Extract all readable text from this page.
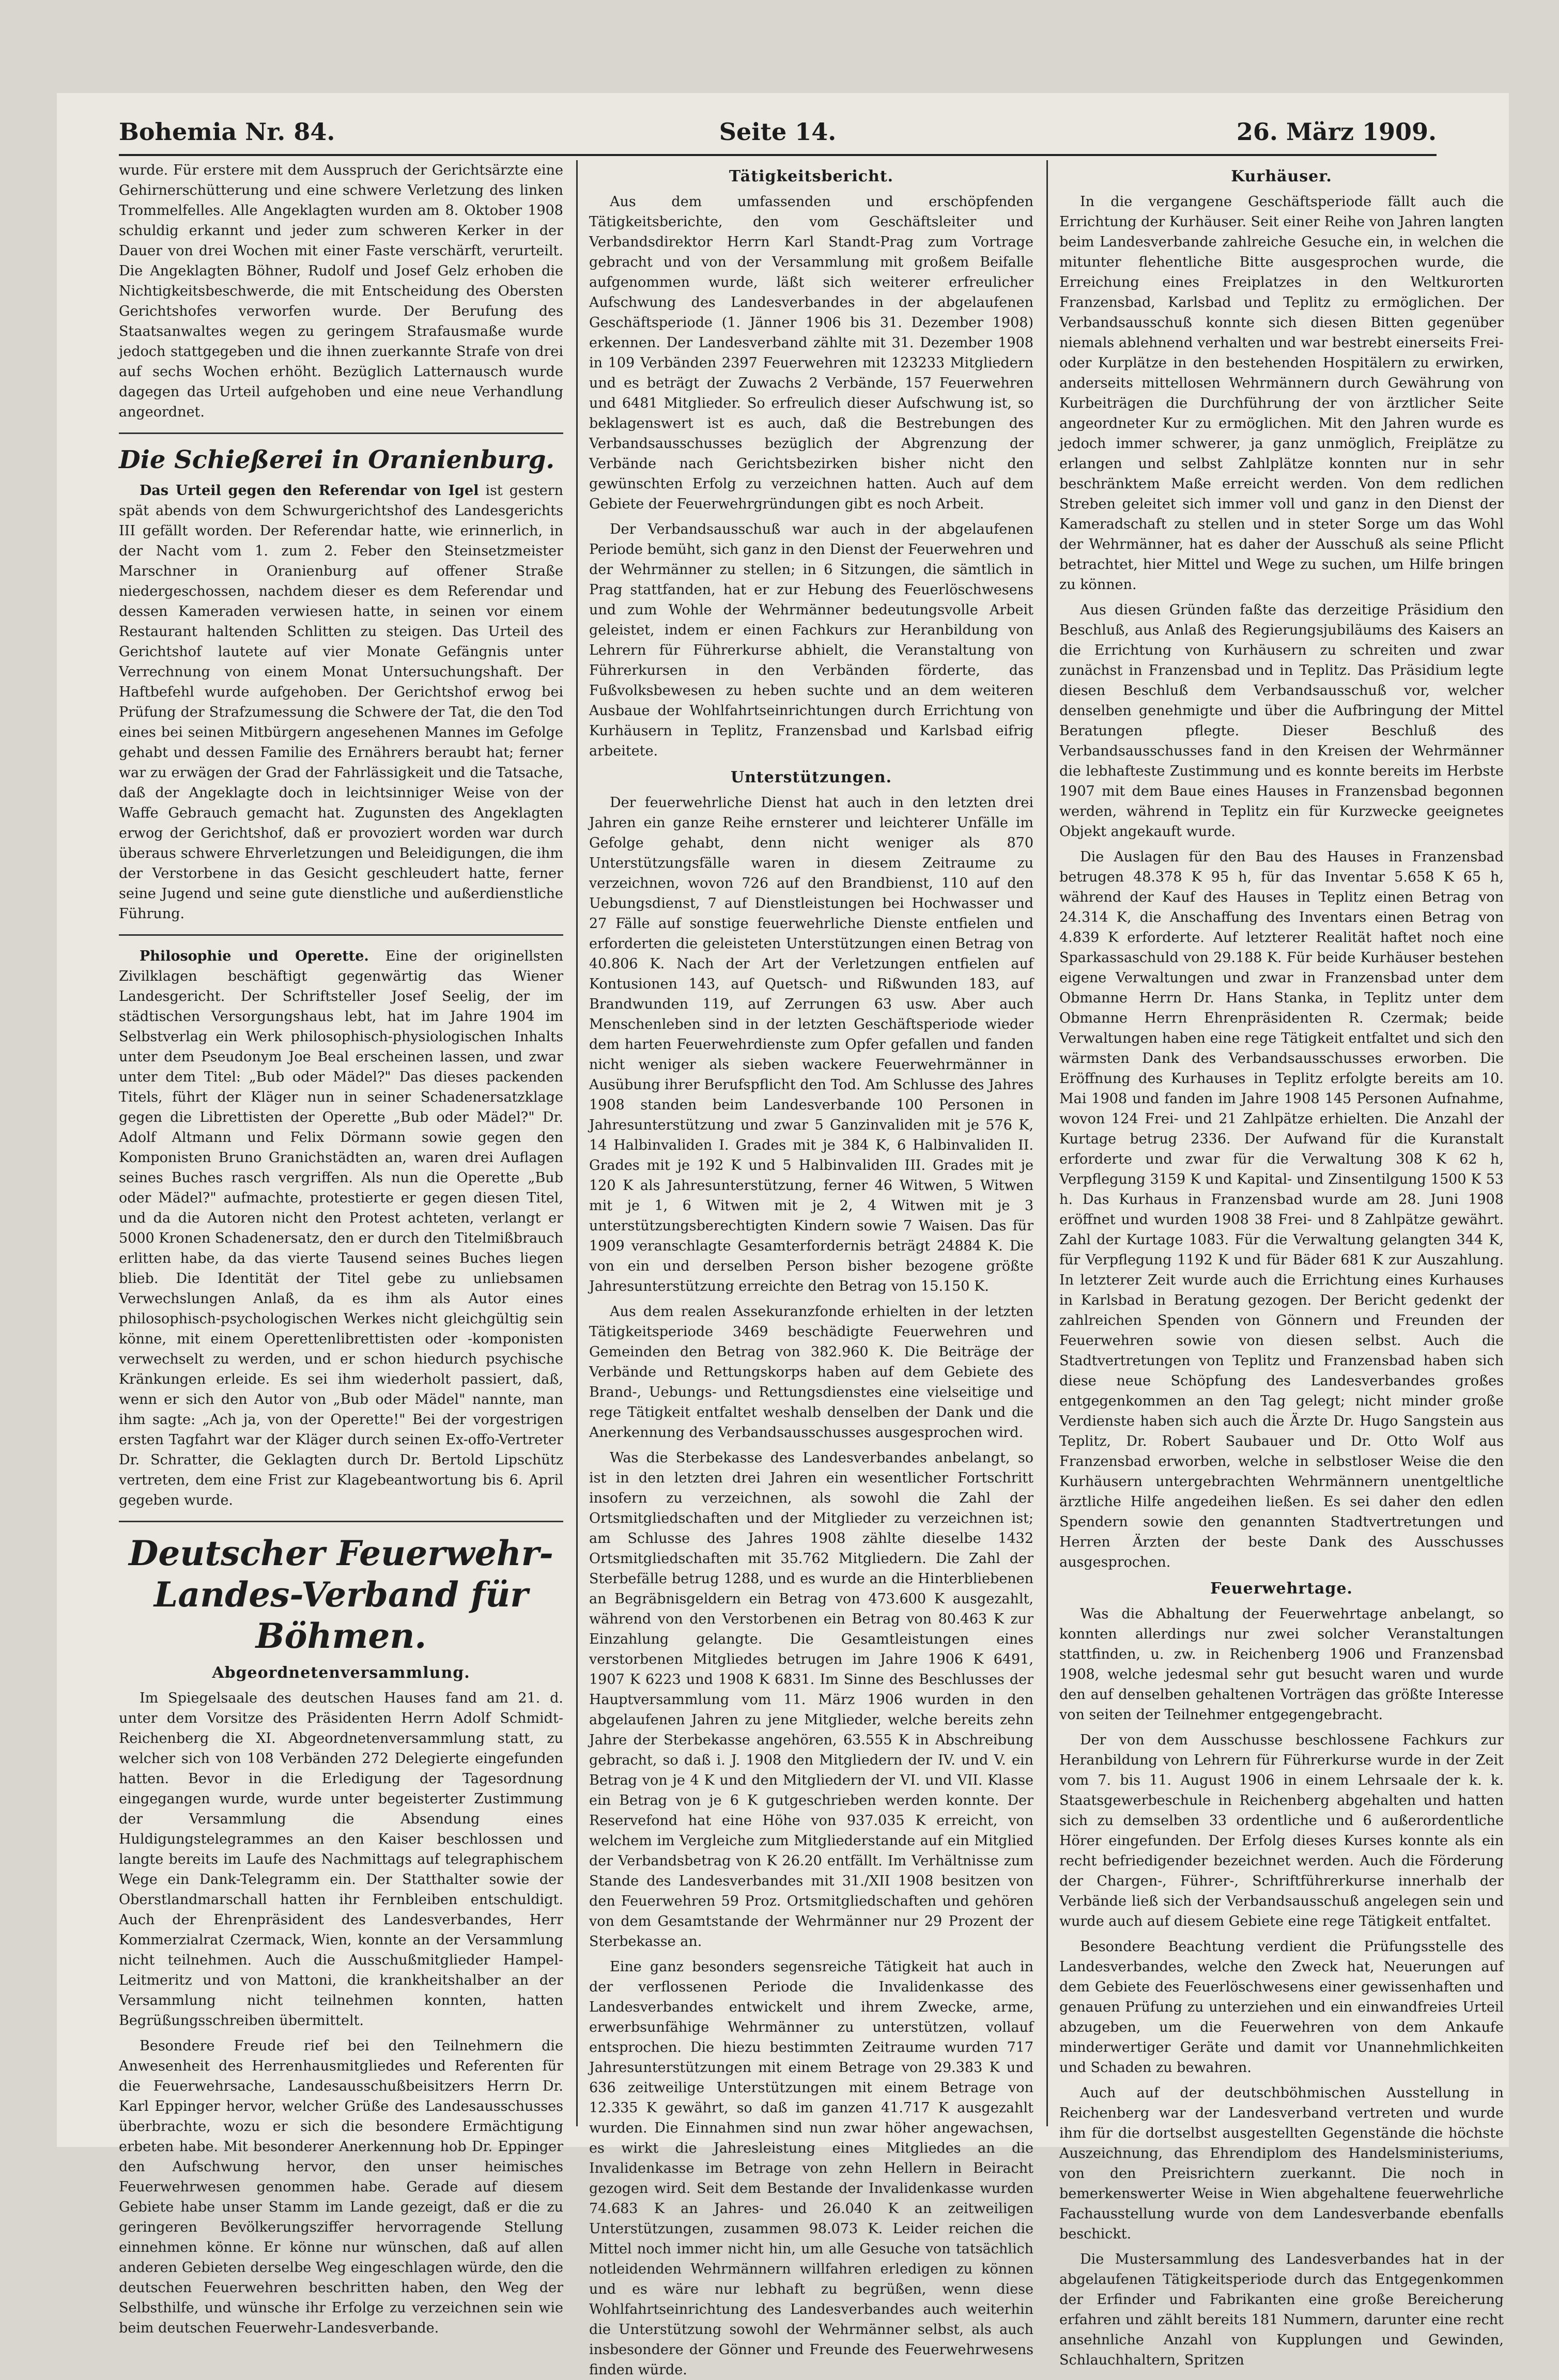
Bohemia Nr. 84.	Seite 14.	26. März 1909.

wurde. Für erstere mit dem Ausspruch der Gerichtsärzte eine Gehirnerschütterung und eine schwere Verletzung des linken Trommelfelles. Alle Angeklagten wurden am 8. Oktober 1908 schuldig erkannt und jeder zum schweren Kerker in der Dauer von drei Wochen mit einer Faste verschärft, verurteilt. Die Angeklagten Böhner, Rudolf und Josef Gelz erhoben die Nichtigkeitsbeschwerde, die mit Entscheidung des Obersten Gerichtshofes verworfen wurde. Der Berufung des Staatsanwaltes wegen zu geringem Strafausmaße wurde jedoch stattgegeben und die ihnen zuerkannte Strafe von drei auf sechs Wochen erhöht. Bezüglich Latternausch wurde dagegen das Urteil aufgehoben und eine neue Verhandlung angeordnet.

Die Schießerei in Oranienburg.

Das Urteil gegen den Referendar von Igel ist gestern spät abends von dem Schwurgerichtshof des Landesgerichts III gefällt worden. Der Referendar hatte, wie erinnerlich, in der Nacht vom 1. zum 2. Feber den Steinsetzmeister Marschner in Oranienburg auf offener Straße niedergeschossen, nachdem dieser es dem Referendar und dessen Kameraden verwiesen hatte, in seinen vor einem Restaurant haltenden Schlitten zu steigen. Das Urteil des Gerichtshof lautete auf vier Monate Gefängnis unter Verrechnung von einem Monat Untersuchungshaft. Der Haftbefehl wurde aufgehoben. Der Gerichtshof erwog bei Prüfung der Strafzumessung die Schwere der Tat, die den Tod eines bei seinen Mitbürgern angesehenen Mannes im Gefolge gehabt und dessen Familie des Ernährers beraubt hat; ferner war zu erwägen der Grad der Fahrlässigkeit und die Tatsache, daß der Angeklagte doch in leichtsinniger Weise von der Waffe Gebrauch gemacht hat. Zugunsten des Angeklagten erwog der Gerichtshof, daß er provoziert worden war durch überaus schwere Ehrverletzungen und Beleidigungen, die ihm der Verstorbene in das Gesicht geschleudert hatte, ferner seine Jugend und seine gute dienstliche und außerdienstliche Führung.

Philosophie und Operette. Eine der originellsten Zivilklagen beschäftigt gegenwärtig das Wiener Landesgericht. Der Schriftsteller Josef Seelig, der im städtischen Versorgungshaus lebt, hat im Jahre 1904 im Selbstverlag ein Werk philosophisch-physiologischen Inhalts unter dem Pseudonym Joe Beal erscheinen lassen, und zwar unter dem Titel: „Bub oder Mädel?" Das dieses packenden Titels, führt der Kläger nun in seiner Schadenersatzklage gegen die Librettisten der Operette „Bub oder Mädel?" Dr. Adolf Altmann und Felix Dörmann sowie gegen den Komponisten Bruno Granichstädten an, waren drei Auflagen seines Buches rasch vergriffen. Als nun die Operette „Bub oder Mädel?" aufmachte, protestierte er gegen diesen Titel, und da die Autoren nicht den Protest achteten, verlangt er 5000 Kronen Schadenersatz, den er durch den Titelmißbrauch erlitten habe, da das vierte Tausend seines Buches liegen blieb. Die Identität der Titel gebe zu unliebsamen Verwechslungen Anlaß, da es ihm als Autor eines philosophisch-psychologischen Werkes nicht gleichgültig sein könne, mit einem Operettenlibrettisten oder -komponisten verwechselt zu werden, und er schon hiedurch psychische Kränkungen erleide. Es sei ihm wiederholt passiert, daß, wenn er sich den Autor von „Bub oder Mädel" nannte, man ihm sagte: „Ach ja, von der Operette!" Bei der vorgestrigen ersten Tagfahrt war der Kläger durch seinen Ex-offo-Vertreter Dr. Schratter, die Geklagten durch Dr. Bertold Lipschütz vertreten, dem eine Frist zur Klagebeantwortung bis 6. April gegeben wurde.

Deutscher Feuerwehr-Landes-Verband für Böhmen.
Abgeordnetenversammlung.

Im Spiegelsaale des deutschen Hauses fand am 21. d. unter dem Vorsitze des Präsidenten Herrn Adolf Schmidt-Reichenberg die XI. Abgeordnetenversammlung statt, zu welcher sich von 108 Verbänden 272 Delegierte eingefunden hatten. Bevor in die Erledigung der Tagesordnung eingegangen wurde, wurde unter begeisterter Zustimmung der Versammlung die Absendung eines Huldigungstelegrammes an den Kaiser beschlossen und langte bereits im Laufe des Nachmittags auf telegraphischem Wege ein Dank-Telegramm ein. Der Statthalter sowie der Oberstlandmarschall hatten ihr Fernbleiben entschuldigt. Auch der Ehrenpräsident des Landesverbandes, Herr Kommerzialrat Czermack, Wien, konnte an der Versammlung nicht teilnehmen. Auch die Ausschußmitglieder Hampel-Leitmeritz und von Mattoni, die krankheitshalber an der Versammlung nicht teilnehmen konnten, hatten Begrüßungsschreiben übermittelt.

Besondere Freude rief bei den Teilnehmern die Anwesenheit des Herrenhausmitgliedes und Referenten für die Feuerwehrsache, Landesausschußbeisitzers Herrn Dr. Karl Eppinger hervor, welcher Grüße des Landesausschusses überbrachte, wozu er sich die besondere Ermächtigung erbeten habe. Mit besonderer Anerkennung hob Dr. Eppinger den Aufschwung hervor, den unser heimisches Feuerwehrwesen genommen habe. Gerade auf diesem Gebiete habe unser Stamm im Lande gezeigt, daß er die zu geringeren Bevölkerungsziffer hervorragende Stellung einnehmen könne. Er könne nur wünschen, daß auf allen anderen Gebieten derselbe Weg eingeschlagen würde, den die deutschen Feuerwehren beschritten haben, den Weg der Selbsthilfe, und wünsche ihr Erfolge zu verzeichnen sein wie beim deutschen Feuerwehr-Landesverbande.

Tätigkeitsbericht.

Aus dem umfassenden und erschöpfenden Tätigkeitsberichte, den vom Geschäftsleiter und Verbandsdirektor Herrn Karl Standt-Prag zum Vortrage gebracht und von der Versammlung mit großem Beifalle aufgenommen wurde, läßt sich weiterer erfreulicher Aufschwung des Landesverbandes in der abgelaufenen Geschäftsperiode (1. Jänner 1906 bis 31. Dezember 1908) erkennen. Der Landesverband zählte mit 31. Dezember 1908 in 109 Verbänden 2397 Feuerwehren mit 123233 Mitgliedern und es beträgt der Zuwachs 2 Verbände, 157 Feuerwehren und 6481 Mitglieder. So erfreulich dieser Aufschwung ist, so beklagenswert ist es auch, daß die Bestrebungen des Verbandsausschusses bezüglich der Abgrenzung der Verbände nach Gerichtsbezirken bisher nicht den gewünschten Erfolg zu verzeichnen hatten. Auch auf dem Gebiete der Feuerwehrgründungen gibt es noch Arbeit.

Der Verbandsausschuß war auch in der abgelaufenen Periode bemüht, sich ganz in den Dienst der Feuerwehren und der Wehrmänner zu stellen; in 6 Sitzungen, die sämtlich in Prag stattfanden, hat er zur Hebung des Feuerlöschwesens und zum Wohle der Wehrmänner bedeutungsvolle Arbeit geleistet, indem er einen Fachkurs zur Heranbildung von Lehrern für Führerkurse abhielt, die Veranstaltung von Führerkursen in den Verbänden förderte, das Fußvolksbewesen zu heben suchte und an dem weiteren Ausbaue der Wohlfahrtseinrichtungen durch Errichtung von Kurhäusern in Teplitz, Franzensbad und Karlsbad eifrig arbeitete.

Unterstützungen.

Der feuerwehrliche Dienst hat auch in den letzten drei Jahren ein ganze Reihe ernsterer und leichterer Unfälle im Gefolge gehabt, denn nicht weniger als 870 Unterstützungsfälle waren in diesem Zeitraume zu verzeichnen, wovon 726 auf den Brandbienst, 110 auf den Uebungsdienst, 7 auf Dienstleistungen bei Hochwasser und 27 Fälle auf sonstige feuerwehrliche Dienste entfielen und erforderten die geleisteten Unterstützungen einen Betrag von 40.806 K. Nach der Art der Verletzungen entfielen auf Kontusionen 143, auf Quetsch- und Rißwunden 183, auf Brandwunden 119, auf Zerrungen 63 usw. Aber auch Menschenleben sind in der letzten Geschäftsperiode wieder dem harten Feuerwehrdienste zum Opfer gefallen und fanden nicht weniger als sieben wackere Feuerwehrmänner in Ausübung ihrer Berufspflicht den Tod. Am Schlusse des Jahres 1908 standen beim Landesverbande 100 Personen in Jahresunterstützung und zwar 5 Ganzinvaliden mit je 576 K, 14 Halbinvaliden I. Grades mit je 384 K, 6 Halbinvaliden II. Grades mit je 192 K und 5 Halbinvaliden III. Grades mit je 120 K als Jahresunterstützung, ferner 46 Witwen, 5 Witwen mit je 1, 6 Witwen mit je 2, 4 Witwen mit je 3 unterstützungsberechtigten Kindern sowie 7 Waisen. Das für 1909 veranschlagte Gesamterfordernis beträgt 24884 K. Die von ein und derselben Person bisher bezogene größte Jahresunterstützung erreichte den Betrag von 15.150 K.

Aus dem realen Assekuranzfonde erhielten in der letzten Tätigkeitsperiode 3469 beschädigte Feuerwehren und Gemeinden den Betrag von 382.960 K. Die Beiträge der Verbände und Rettungskorps haben auf dem Gebiete des Brand-, Uebungs- und Rettungsdienstes eine vielseitige und rege Tätigkeit entfaltet weshalb denselben der Dank und die Anerkennung des Verbandsausschusses ausgesprochen wird.

Was die Sterbekasse des Landesverbandes anbelangt, so ist in den letzten drei Jahren ein wesentlicher Fortschritt insofern zu verzeichnen, als sowohl die Zahl der Ortsmitgliedschaften und der Mitglieder zu verzeichnen ist; am Schlusse des Jahres 1908 zählte dieselbe 1432 Ortsmitgliedschaften mit 35.762 Mitgliedern. Die Zahl der Sterbefälle betrug 1288, und es wurde an die Hinterbliebenen an Begräbnisgeldern ein Betrag von 473.600 K ausgezahlt, während von den Verstorbenen ein Betrag von 80.463 K zur Einzahlung gelangte. Die Gesamtleistungen eines verstorbenen Mitgliedes betrugen im Jahre 1906 K 6491, 1907 K 6223 und 1908 K 6831. Im Sinne des Beschlusses der Hauptversammlung vom 11. März 1906 wurden in den abgelaufenen Jahren zu jene Mitglieder, welche bereits zehn Jahre der Sterbekasse angehören, 63.555 K in Abschreibung gebracht, so daß i. J. 1908 den Mitgliedern der IV. und V. ein Betrag von je 4 K und den Mitgliedern der VI. und VII. Klasse ein Betrag von je 6 K gutgeschrieben werden konnte. Der Reservefond hat eine Höhe von 937.035 K erreicht, von welchem im Vergleiche zum Mitgliederstande auf ein Mitglied der Verbandsbetrag von K 26.20 entfällt. Im Verhältnisse zum Stande des Landesverbandes mit 31./XII 1908 besitzen von den Feuerwehren 59 Proz. Ortsmitgliedschaften und gehören von dem Gesamtstande der Wehrmänner nur 29 Prozent der Sterbekasse an.

Eine ganz besonders segensreiche Tätigkeit hat auch in der verflossenen Periode die Invalidenkasse des Landesverbandes entwickelt und ihrem Zwecke, arme, erwerbsunfähige Wehrmänner zu unterstützen, vollauf entsprochen. Die hiezu bestimmten Zeitraume wurden 717 Jahresunterstützungen mit einem Betrage von 29.383 K und 636 zeitweilige Unterstützungen mit einem Betrage von 12.335 K gewährt, so daß im ganzen 41.717 K ausgezahlt wurden. Die Einnahmen sind nun zwar höher angewachsen, es wirkt die Jahresleistung eines Mitgliedes an die Invalidenkasse im Betrage von zehn Hellern in Beiracht gezogen wird. Seit dem Bestande der Invalidenkasse wurden 74.683 K an Jahres- und 26.040 K an zeitweiligen Unterstützungen, zusammen 98.073 K. Leider reichen die Mittel noch immer nicht hin, um alle Gesuche von tatsächlich notleidenden Wehrmännern willfahren erledigen zu können und es wäre nur lebhaft zu begrüßen, wenn diese Wohlfahrtseinrichtung des Landesverbandes auch weiterhin die Unterstützung sowohl der Wehrmänner selbst, als auch insbesondere der Gönner und Freunde des Feuerwehrwesens finden würde.

Kurhäuser.

In die vergangene Geschäftsperiode fällt auch die Errichtung der Kurhäuser. Seit einer Reihe von Jahren langten beim Landesverbande zahlreiche Gesuche ein, in welchen die mitunter flehentliche Bitte ausgesprochen wurde, die Erreichung eines Freiplatzes in den Weltkurorten Franzensbad, Karlsbad und Teplitz zu ermöglichen. Der Verbandsausschuß konnte sich diesen Bitten gegenüber niemals ablehnend verhalten und war bestrebt einerseits Frei- oder Kurplätze in den bestehenden Hospitälern zu erwirken, anderseits mittellosen Wehrmännern durch Gewährung von Kurbeiträgen die Durchführung der von ärztlicher Seite angeordneter Kur zu ermöglichen. Mit den Jahren wurde es jedoch immer schwerer, ja ganz unmöglich, Freiplätze zu erlangen und selbst Zahlplätze konnten nur in sehr beschränktem Maße erreicht werden. Von dem redlichen Streben geleitet sich immer voll und ganz in den Dienst der Kameradschaft zu stellen und in steter Sorge um das Wohl der Wehrmänner, hat es daher der Ausschuß als seine Pflicht betrachtet, hier Mittel und Wege zu suchen, um Hilfe bringen zu können.

Aus diesen Gründen faßte das derzeitige Präsidium den Beschluß, aus Anlaß des Regierungsjubiläums des Kaisers an die Errichtung von Kurhäusern zu schreiten und zwar zunächst in Franzensbad und in Teplitz. Das Präsidium legte diesen Beschluß dem Verbandsausschuß vor, welcher denselben genehmigte und über die Aufbringung der Mittel Beratungen pflegte. Dieser Beschluß des Verbandsausschusses fand in den Kreisen der Wehrmänner die lebhafteste Zustimmung und es konnte bereits im Herbste 1907 mit dem Baue eines Hauses in Franzensbad begonnen werden, während in Teplitz ein für Kurzwecke geeignetes Objekt angekauft wurde.

Die Auslagen für den Bau des Hauses in Franzensbad betrugen 48.378 K 95 h, für das Inventar 5.658 K 65 h, während der Kauf des Hauses in Teplitz einen Betrag von 24.314 K, die Anschaffung des Inventars einen Betrag von 4.839 K erforderte. Auf letzterer Realität haftet noch eine Sparkassaschuld von 29.188 K. Für beide Kurhäuser bestehen eigene Verwaltungen und zwar in Franzensbad unter dem Obmanne Herrn Dr. Hans Stanka, in Teplitz unter dem Obmanne Herrn Ehrenpräsidenten R. Czermak; beide Verwaltungen haben eine rege Tätigkeit entfaltet und sich den wärmsten Dank des Verbandsausschusses erworben. Die Eröffnung des Kurhauses in Teplitz erfolgte bereits am 10. Mai 1908 und fanden im Jahre 1908 145 Personen Aufnahme, wovon 124 Frei- und 21 Zahlpätze erhielten. Die Anzahl der Kurtage betrug 2336. Der Aufwand für die Kuranstalt erforderte und zwar für die Verwaltung 308 K 62 h, Verpflegung 3159 K und Kapital- und Zinsentilgung 1500 K 53 h. Das Kurhaus in Franzensbad wurde am 28. Juni 1908 eröffnet und wurden 1908 38 Frei- und 8 Zahlpätze gewährt. Zahl der Kurtage 1083. Für die Verwaltung gelangten 344 K, für Verpflegung 1192 K und für Bäder 681 K zur Auszahlung. In letzterer Zeit wurde auch die Errichtung eines Kurhauses in Karlsbad in Beratung gezogen. Der Bericht gedenkt der zahlreichen Spenden von Gönnern und Freunden der Feuerwehren sowie von diesen selbst. Auch die Stadtvertretungen von Teplitz und Franzensbad haben sich diese neue Schöpfung des Landesverbandes großes entgegenkommen an den Tag gelegt; nicht minder große Verdienste haben sich auch die Ärzte Dr. Hugo Sangstein aus Teplitz, Dr. Robert Saubauer und Dr. Otto Wolf aus Franzensbad erworben, welche in selbstloser Weise die den Kurhäusern untergebrachten Wehrmännern unentgeltliche ärztliche Hilfe angedeihen ließen. Es sei daher den edlen Spendern sowie den genannten Stadtvertretungen und Herren Ärzten der beste Dank des Ausschusses ausgesprochen.

Feuerwehrtage.

Was die Abhaltung der Feuerwehrtage anbelangt, so konnten allerdings nur zwei solcher Veranstaltungen stattfinden, u. zw. in Reichenberg 1906 und Franzensbad 1908, welche jedesmal sehr gut besucht waren und wurde den auf denselben gehaltenen Vorträgen das größte Interesse von seiten der Teilnehmer entgegengebracht.

Der von dem Ausschusse beschlossene Fachkurs zur Heranbildung von Lehrern für Führerkurse wurde in der Zeit vom 7. bis 11. August 1906 in einem Lehrsaale der k. k. Staatsgewerbeschule in Reichenberg abgehalten und hatten sich zu demselben 33 ordentliche und 6 außerordentliche Hörer eingefunden. Der Erfolg dieses Kurses konnte als ein recht befriedigender bezeichnet werden. Auch die Förderung der Chargen-, Führer-, Schriftführerkurse innerhalb der Verbände ließ sich der Verbandsausschuß angelegen sein und wurde auch auf diesem Gebiete eine rege Tätigkeit entfaltet.

Besondere Beachtung verdient die Prüfungsstelle des Landesverbandes, welche den Zweck hat, Neuerungen auf dem Gebiete des Feuerlöschwesens einer gewissenhaften und genauen Prüfung zu unterziehen und ein einwandfreies Urteil abzugeben, um die Feuerwehren von dem Ankaufe minderwertiger Geräte und damit vor Unannehmlichkeiten und Schaden zu bewahren.

Auch auf der deutschböhmischen Ausstellung in Reichenberg war der Landesverband vertreten und wurde ihm für die dortselbst ausgestellten Gegenstände die höchste Auszeichnung, das Ehrendiplom des Handelsministeriums, von den Preisrichtern zuerkannt. Die noch in bemerkenswerter Weise in Wien abgehaltene feuerwehrliche Fachausstellung wurde von dem Landesverbande ebenfalls beschickt.

Die Mustersammlung des Landesverbandes hat in der abgelaufenen Tätigkeitsperiode durch das Entgegenkommen der Erfinder und Fabrikanten eine große Bereicherung erfahren und zählt bereits 181 Nummern, darunter eine recht ansehnliche Anzahl von Kupplungen und Gewinden, Schlauchhaltern, Spritzen
